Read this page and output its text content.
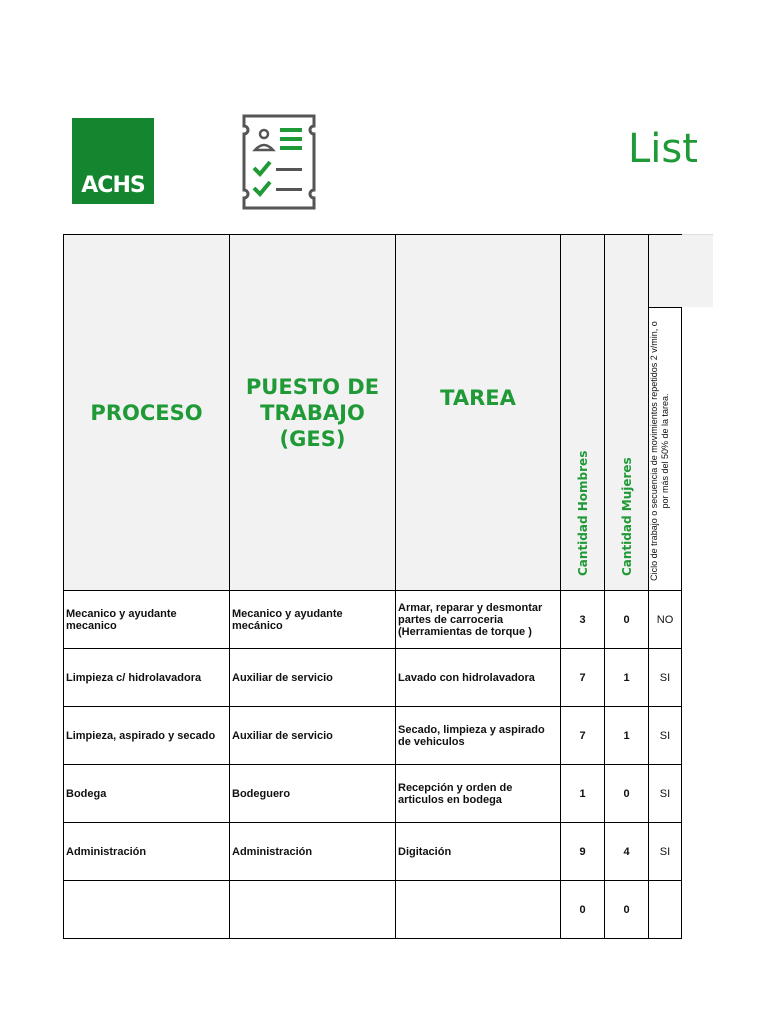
ACHS
List
PROCESO	PUESTO DE TRABAJO (GES)	TAREA	Cantidad Hombres	Cantidad Mujeres	

					Ciclo de trabajo o secuencia de movimientos repetidos 2 v/min, o por más del 50% de la tarea.

Mecanico y ayudante mecanico	Mecanico y ayudante mecánico	Armar, reparar y desmontar partes de carroceria (Herramientas de torque )	3	0	NO
Limpieza c/ hidrolavadora	Auxiliar de servicio	Lavado con hidrolavadora	7	1	SI
Limpieza, aspirado y secado	Auxiliar de servicio	Secado, limpieza y aspirado de vehiculos	7	1	SI
Bodega	Bodeguero	Recepción y orden de articulos en bodega	1	0	SI
Administración	Administración	Digitación	9	4	SI
			0	0	
